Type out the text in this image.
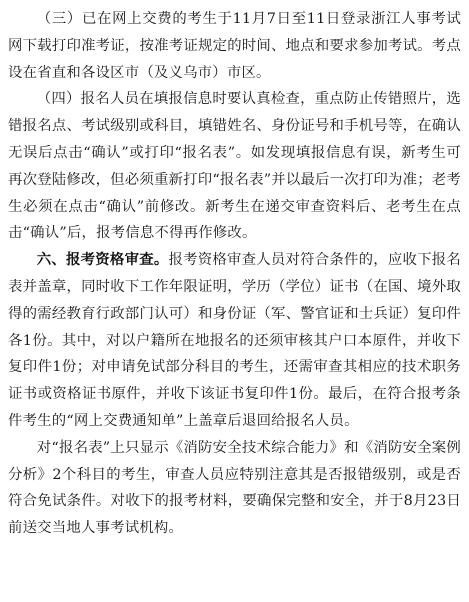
（三）已在网上交费的考生于11月7日至11日登录浙江人事考试网下载打印准考证，按准考证规定的时间、地点和要求参加考试。考点设在省直和各设区市（及义乌市）市区。

（四）报名人员在填报信息时要认真检查，重点防止传错照片，选错报名点、考试级别或科目，填错姓名、身份证号和手机号等，在确认无误后点击“确认”或打印“报名表”。如发现填报信息有误，新考生可再次登陆修改，但必须重新打印“报名表”并以最后一次打印为准；老考生必须在点击“确认”前修改。新考生在递交审查资料后、老考生在点击“确认”后，报考信息不得再作修改。

六、报考资格审查。报考资格审查人员对符合条件的，应收下报名表并盖章，同时收下工作年限证明，学历（学位）证书（在国、境外取得的需经教育行政部门认可）和身份证（军、警官证和士兵证）复印件各1份。其中，对以户籍所在地报名的还须审核其户口本原件，并收下复印件1份；对申请免试部分科目的考生，还需审查其相应的技术职务证书或资格证书原件，并收下该证书复印件1份。最后，在符合报考条件考生的“网上交费通知单”上盖章后退回给报名人员。

对“报名表”上只显示《消防安全技术综合能力》和《消防安全案例分析》2个科目的考生，审查人员应特别注意其是否报错级别，或是否符合免试条件。对收下的报考材料，要确保完整和安全，并于8月23日前送交当地人事考试机构。
